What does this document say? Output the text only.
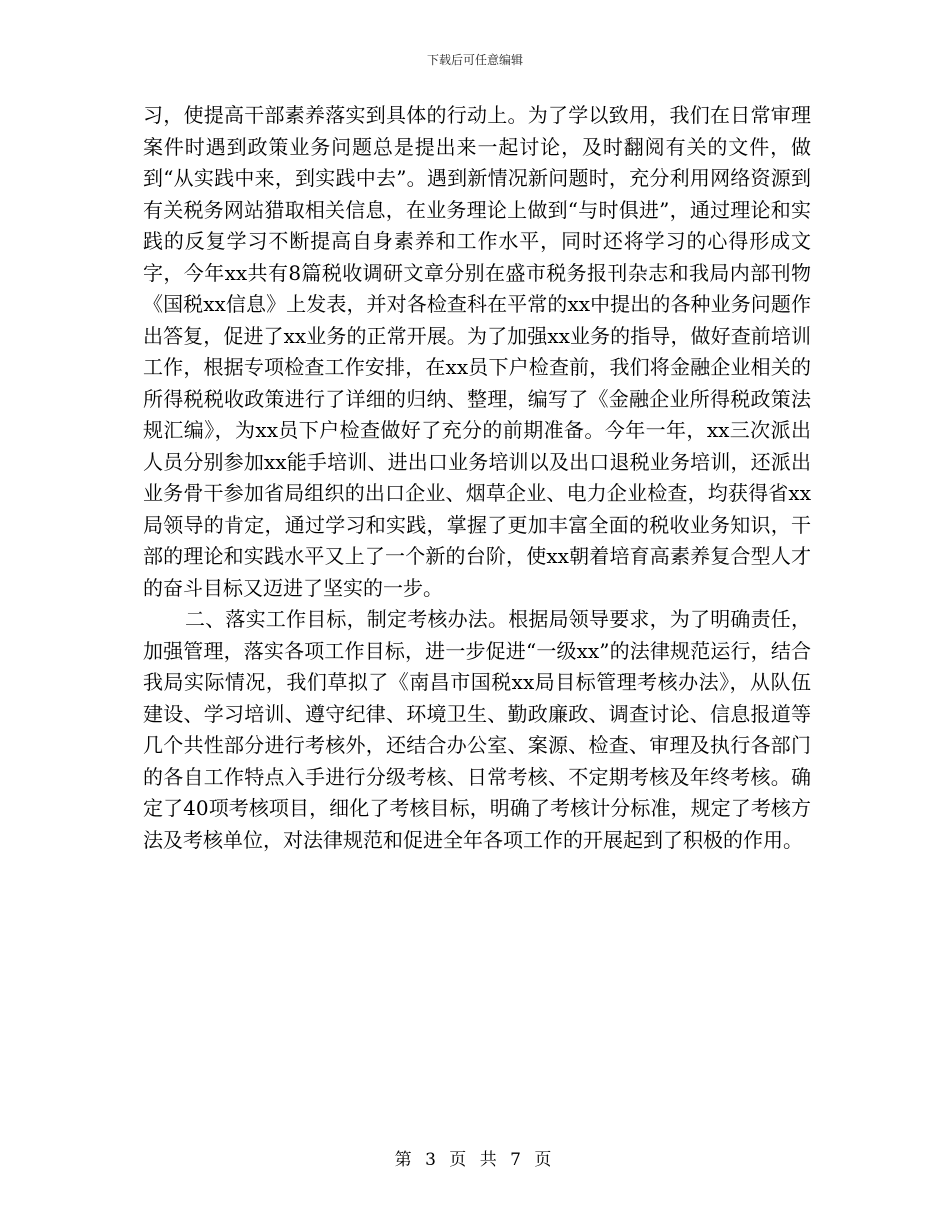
下载后可任意编辑

习，使提高干部素养落实到具体的行动上。为了学以致用，我们在日常审理案件时遇到政策业务问题总是提出来一起讨论，及时翻阅有关的文件，做到“从实践中来，到实践中去”。遇到新情况新问题时，充分利用网络资源到有关税务网站猎取相关信息，在业务理论上做到“与时俱进”，通过理论和实践的反复学习不断提高自身素养和工作水平，同时还将学习的心得形成文字，今年xx共有8篇税收调研文章分别在盛市税务报刊杂志和我局内部刊物《国税xx信息》上发表，并对各检查科在平常的xx中提出的各种业务问题作出答复，促进了xx业务的正常开展。为了加强xx业务的指导，做好查前培训工作，根据专项检查工作安排，在xx员下户检查前，我们将金融企业相关的所得税税收政策进行了详细的归纳、整理，编写了《金融企业所得税政策法规汇编》，为xx员下户检查做好了充分的前期准备。今年一年，xx三次派出人员分别参加xx能手培训、进出口业务培训以及出口退税业务培训，还派出业务骨干参加省局组织的出口企业、烟草企业、电力企业检查，均获得省xx局领导的肯定，通过学习和实践，掌握了更加丰富全面的税收业务知识，干部的理论和实践水平又上了一个新的台阶，使xx朝着培育高素养复合型人才的奋斗目标又迈进了坚实的一步。

二、落实工作目标，制定考核办法。根据局领导要求，为了明确责任，加强管理，落实各项工作目标，进一步促进“一级xx”的法律规范运行，结合我局实际情况，我们草拟了《南昌市国税xx局目标管理考核办法》，从队伍建设、学习培训、遵守纪律、环境卫生、勤政廉政、调查讨论、信息报道等几个共性部分进行考核外，还结合办公室、案源、检查、审理及执行各部门的各自工作特点入手进行分级考核、日常考核、不定期考核及年终考核。确定了40项考核项目，细化了考核目标，明确了考核计分标准，规定了考核方法及考核单位，对法律规范和促进全年各项工作的开展起到了积极的作用。

第 3 页 共 7 页
